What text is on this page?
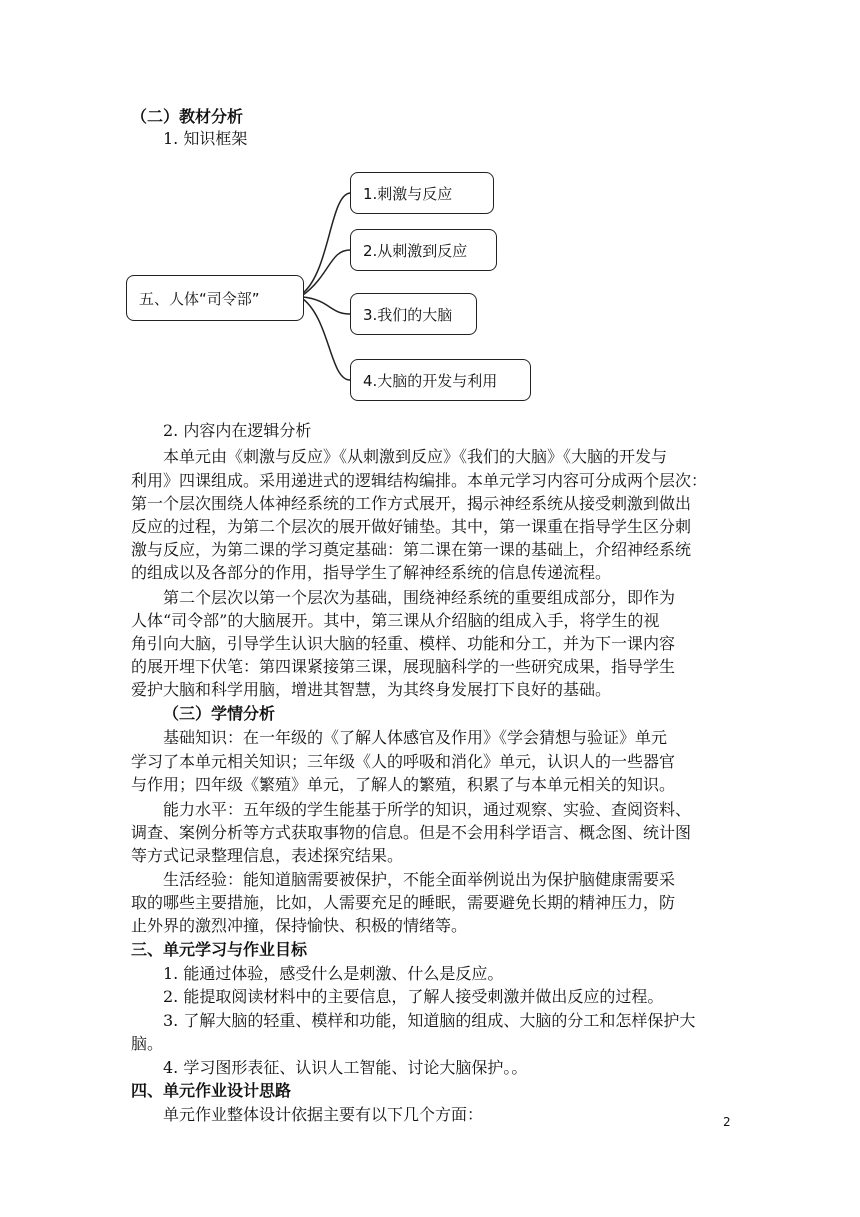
（二）教材分析
1. 知识框架
五、人体“司令部”
1.刺激与反应
2.从刺激到反应
3.我们的大脑
4.大脑的开发与利用
2. 内容内在逻辑分析
本单元由《刺激与反应》《从刺激到反应》《我们的大脑》《大脑的开发与
利用》四课组成。采用递进式的逻辑结构编排。本单元学习内容可分成两个层次：
第一个层次围绕人体神经系统的工作方式展开，揭示神经系统从接受刺激到做出
反应的过程，为第二个层次的展开做好铺垫。其中，第一课重在指导学生区分刺
激与反应，为第二课的学习奠定基础：第二课在第一课的基础上，介绍神经系统
的组成以及各部分的作用，指导学生了解神经系统的信息传递流程。
第二个层次以第一个层次为基础，围绕神经系统的重要组成部分，即作为
人体“司令部”的大脑展开。其中，第三课从介绍脑的组成入手，将学生的视
角引向大脑，引导学生认识大脑的轻重、模样、功能和分工，并为下一课内容
的展开埋下伏笔：第四课紧接第三课，展现脑科学的一些研究成果，指导学生
爱护大脑和科学用脑，增进其智慧，为其终身发展打下良好的基础。
（三）学情分析
基础知识：在一年级的《了解人体感官及作用》《学会猜想与验证》单元
学习了本单元相关知识；三年级《人的呼吸和消化》单元，认识人的一些器官
与作用；四年级《繁殖》单元，了解人的繁殖，积累了与本单元相关的知识。
能力水平：五年级的学生能基于所学的知识，通过观察、实验、查阅资料、
调查、案例分析等方式获取事物的信息。但是不会用科学语言、概念图、统计图
等方式记录整理信息，表述探究结果。
生活经验：能知道脑需要被保护，不能全面举例说出为保护脑健康需要采
取的哪些主要措施，比如，人需要充足的睡眠，需要避免长期的精神压力，防
止外界的激烈冲撞，保持愉快、积极的情绪等。
三、单元学习与作业目标
1. 能通过体验，感受什么是刺激、什么是反应。
2. 能提取阅读材料中的主要信息，了解人接受刺激并做出反应的过程。
3. 了解大脑的轻重、模样和功能，知道脑的组成、大脑的分工和怎样保护大
脑。
4. 学习图形表征、认识人工智能、讨论大脑保护。。
四、单元作业设计思路
单元作业整体设计依据主要有以下几个方面：	2
